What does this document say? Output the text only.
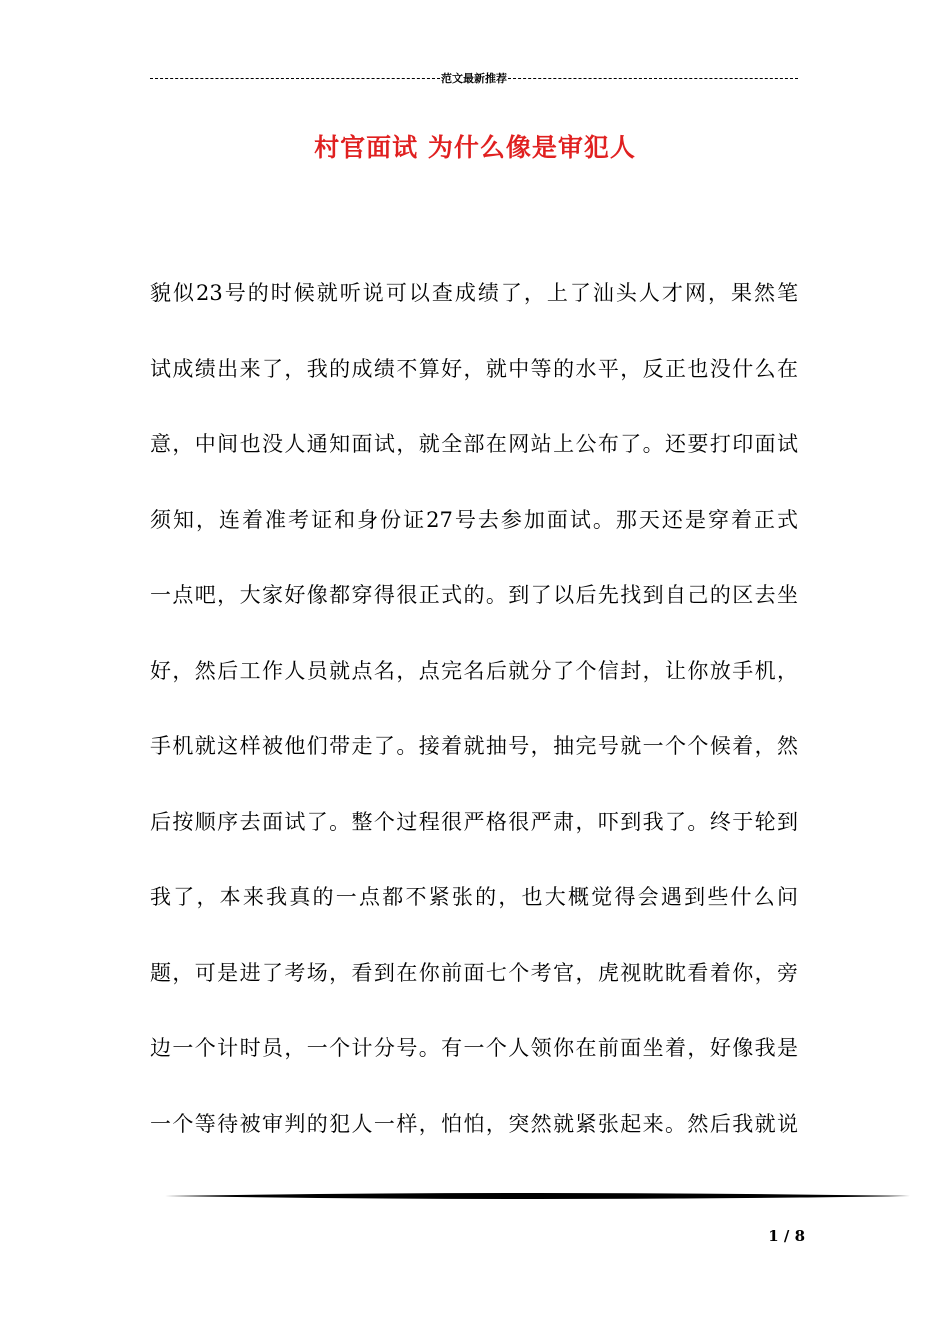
范文最新推荐
村官面试 为什么像是审犯人
貌似23号的时候就听说可以查成绩了，上了汕头人才网，果然笔
试成绩出来了，我的成绩不算好，就中等的水平，反正也没什么在
意，中间也没人通知面试，就全部在网站上公布了。还要打印面试
须知，连着准考证和身份证27号去参加面试。那天还是穿着正式
一点吧，大家好像都穿得很正式的。到了以后先找到自己的区去坐
好，然后工作人员就点名，点完名后就分了个信封，让你放手机，
手机就这样被他们带走了。接着就抽号，抽完号就一个个候着，然
后按顺序去面试了。整个过程很严格很严肃，吓到我了。终于轮到
我了，本来我真的一点都不紧张的，也大概觉得会遇到些什么问
题，可是进了考场，看到在你前面七个考官，虎视眈眈看着你，旁
边一个计时员，一个计分号。有一个人领你在前面坐着，好像我是
一个等待被审判的犯人一样，怕怕，突然就紧张起来。然后我就说
1 / 8
